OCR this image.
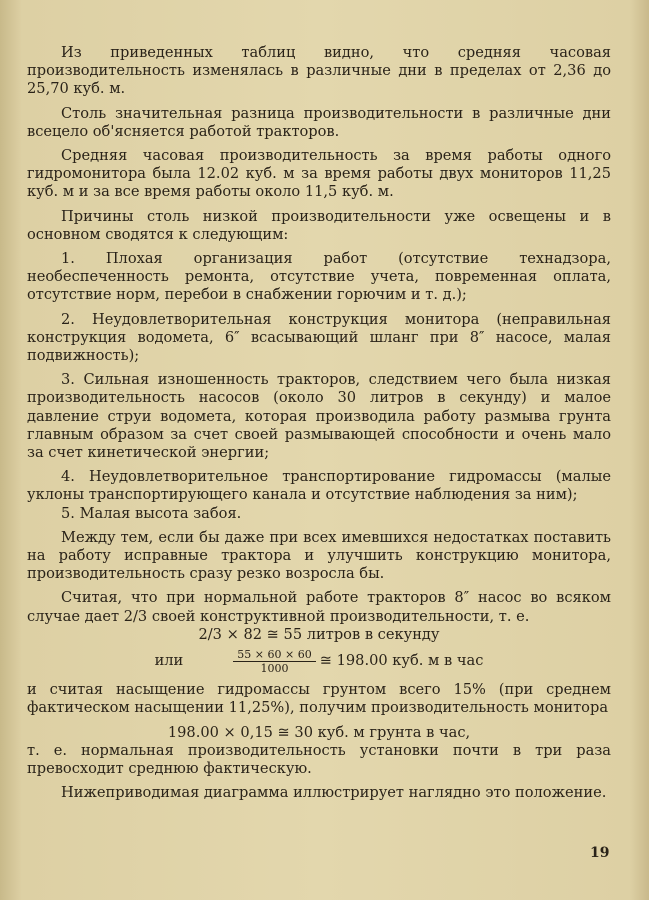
Из приведенных таблиц видно, что средняя часовая производительность изменялась в различные дни в пределах от 2,36 до 25,70 куб. м.

Столь значительная разница производительности в различные дни всецело об'ясняется работой тракторов.

Средняя часовая производительность за время работы одного гидромонитора была 12.02 куб. м за время работы двух мониторов 11,25 куб. м и за все время работы около 11,5 куб. м.

Причины столь низкой производительности уже освещены и в основном сводятся к следующим:

1. Плохая организация работ (отсутствие технадзора, необеспеченность ремонта, отсутствие учета, повременная оплата, отсутствие норм, перебои в снабжении горючим и т. д.);

2. Неудовлетворительная конструкция монитора (неправильная конструкция водомета, 6″ всасывающий шланг при 8″ насосе, малая подвижность);

3. Сильная изношенность тракторов, следствием чего была низкая производительность насосов (около 30 литров в секунду) и малое давление струи водомета, которая производила работу размыва грунта главным образом за счет своей размывающей способности и очень мало за счет кинетической энергии;

4. Неудовлетворительное транспортирование гидромассы (малые уклоны транспортирующего канала и отсутствие наблюдения за ним);

5. Малая высота забоя.

Между тем, если бы даже при всех имевшихся недостатках поставить на работу исправные трактора и улучшить конструкцию монитора, производительность сразу резко возросла бы.

Считая, что при нормальной работе тракторов 8″ насос во всяком случае дает 2/3 своей конструктивной производительности, т. е.

2/3 × 82 ≅ 55 литров в секунду

или	$\frac{55 \times 60 \times 60}{1000}$ ≅ 198.00 куб. м в час

и считая насыщение гидромассы грунтом всего 15% (при среднем фактическом насыщении 11,25%), получим производительность монитора

198.00 × 0,15 ≅ 30 куб. м грунта в час,

т. е. нормальная производительность установки почти в три раза превосходит среднюю фактическую.

Нижеприводимая диаграмма иллюстрирует наглядно это положение.

19
